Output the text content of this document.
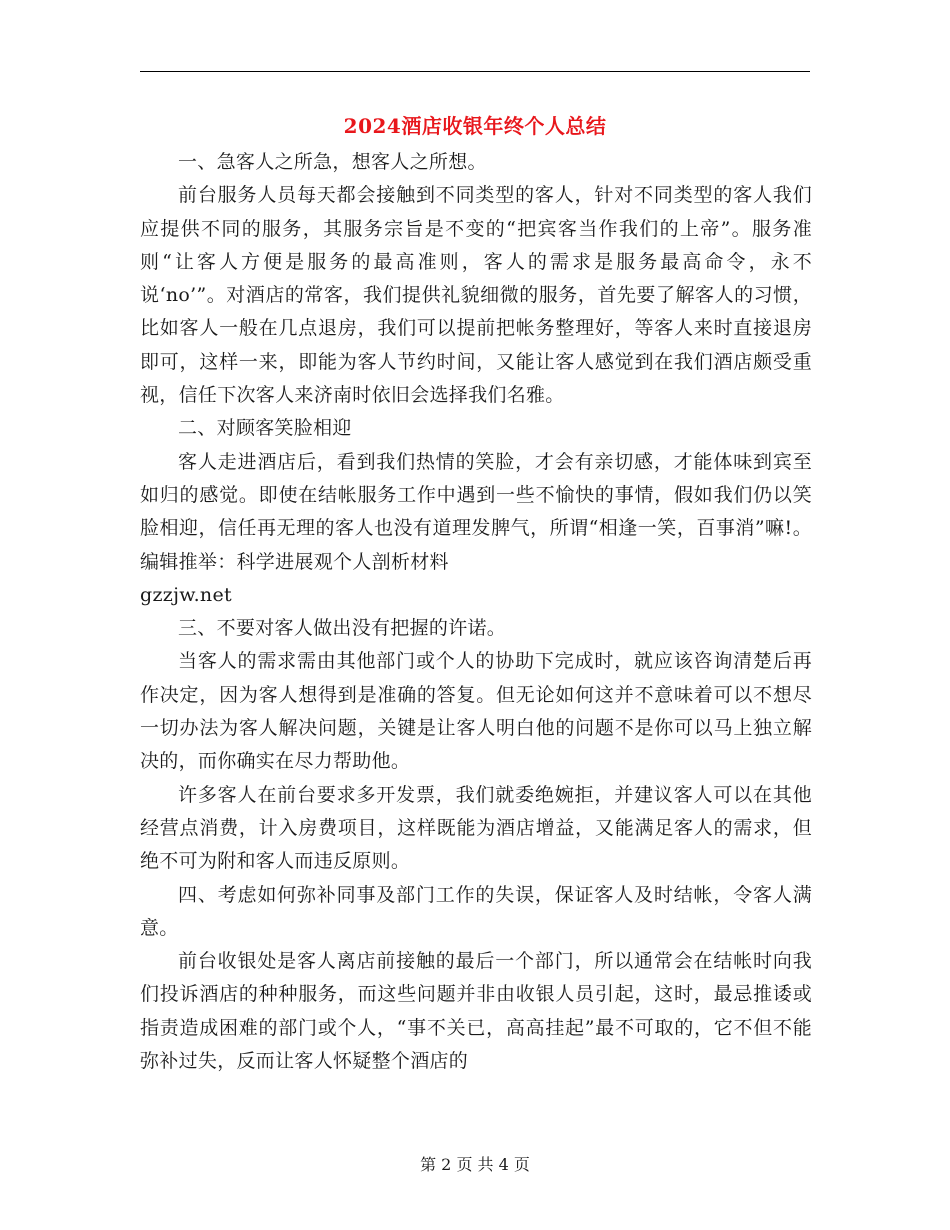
2024酒店收银年终个人总结

一、急客人之所急，想客人之所想。

前台服务人员每天都会接触到不同类型的客人，针对不同类型的客人我们应提供不同的服务，其服务宗旨是不变的“把宾客当作我们的上帝”。服务准则“让客人方便是服务的最高准则，客人的需求是服务最高命令，永不说‘no’”。对酒店的常客，我们提供礼貌细微的服务，首先要了解客人的习惯，比如客人一般在几点退房，我们可以提前把帐务整理好，等客人来时直接退房即可，这样一来，即能为客人节约时间，又能让客人感觉到在我们酒店颇受重视，信任下次客人来济南时依旧会选择我们名雅。

二、对顾客笑脸相迎

客人走进酒店后，看到我们热情的笑脸，才会有亲切感，才能体味到宾至如归的感觉。即使在结帐服务工作中遇到一些不愉快的事情，假如我们仍以笑脸相迎，信任再无理的客人也没有道理发脾气，所谓“相逢一笑，百事消”嘛!。编辑推举：科学进展观个人剖析材料

gzzjw.net

三、不要对客人做出没有把握的许诺。

当客人的需求需由其他部门或个人的协助下完成时，就应该咨询清楚后再作决定，因为客人想得到是准确的答复。但无论如何这并不意味着可以不想尽一切办法为客人解决问题，关键是让客人明白他的问题不是你可以马上独立解决的，而你确实在尽力帮助他。

许多客人在前台要求多开发票，我们就委绝婉拒，并建议客人可以在其他经营点消费，计入房费项目，这样既能为酒店增益，又能满足客人的需求，但绝不可为附和客人而违反原则。

四、考虑如何弥补同事及部门工作的失误，保证客人及时结帐，令客人满意。

前台收银处是客人离店前接触的最后一个部门，所以通常会在结帐时向我们投诉酒店的种种服务，而这些问题并非由收银人员引起，这时，最忌推诿或指责造成困难的部门或个人，“事不关已，高高挂起”最不可取的，它不但不能弥补过失，反而让客人怀疑整个酒店的

第 2 页 共 4 页
